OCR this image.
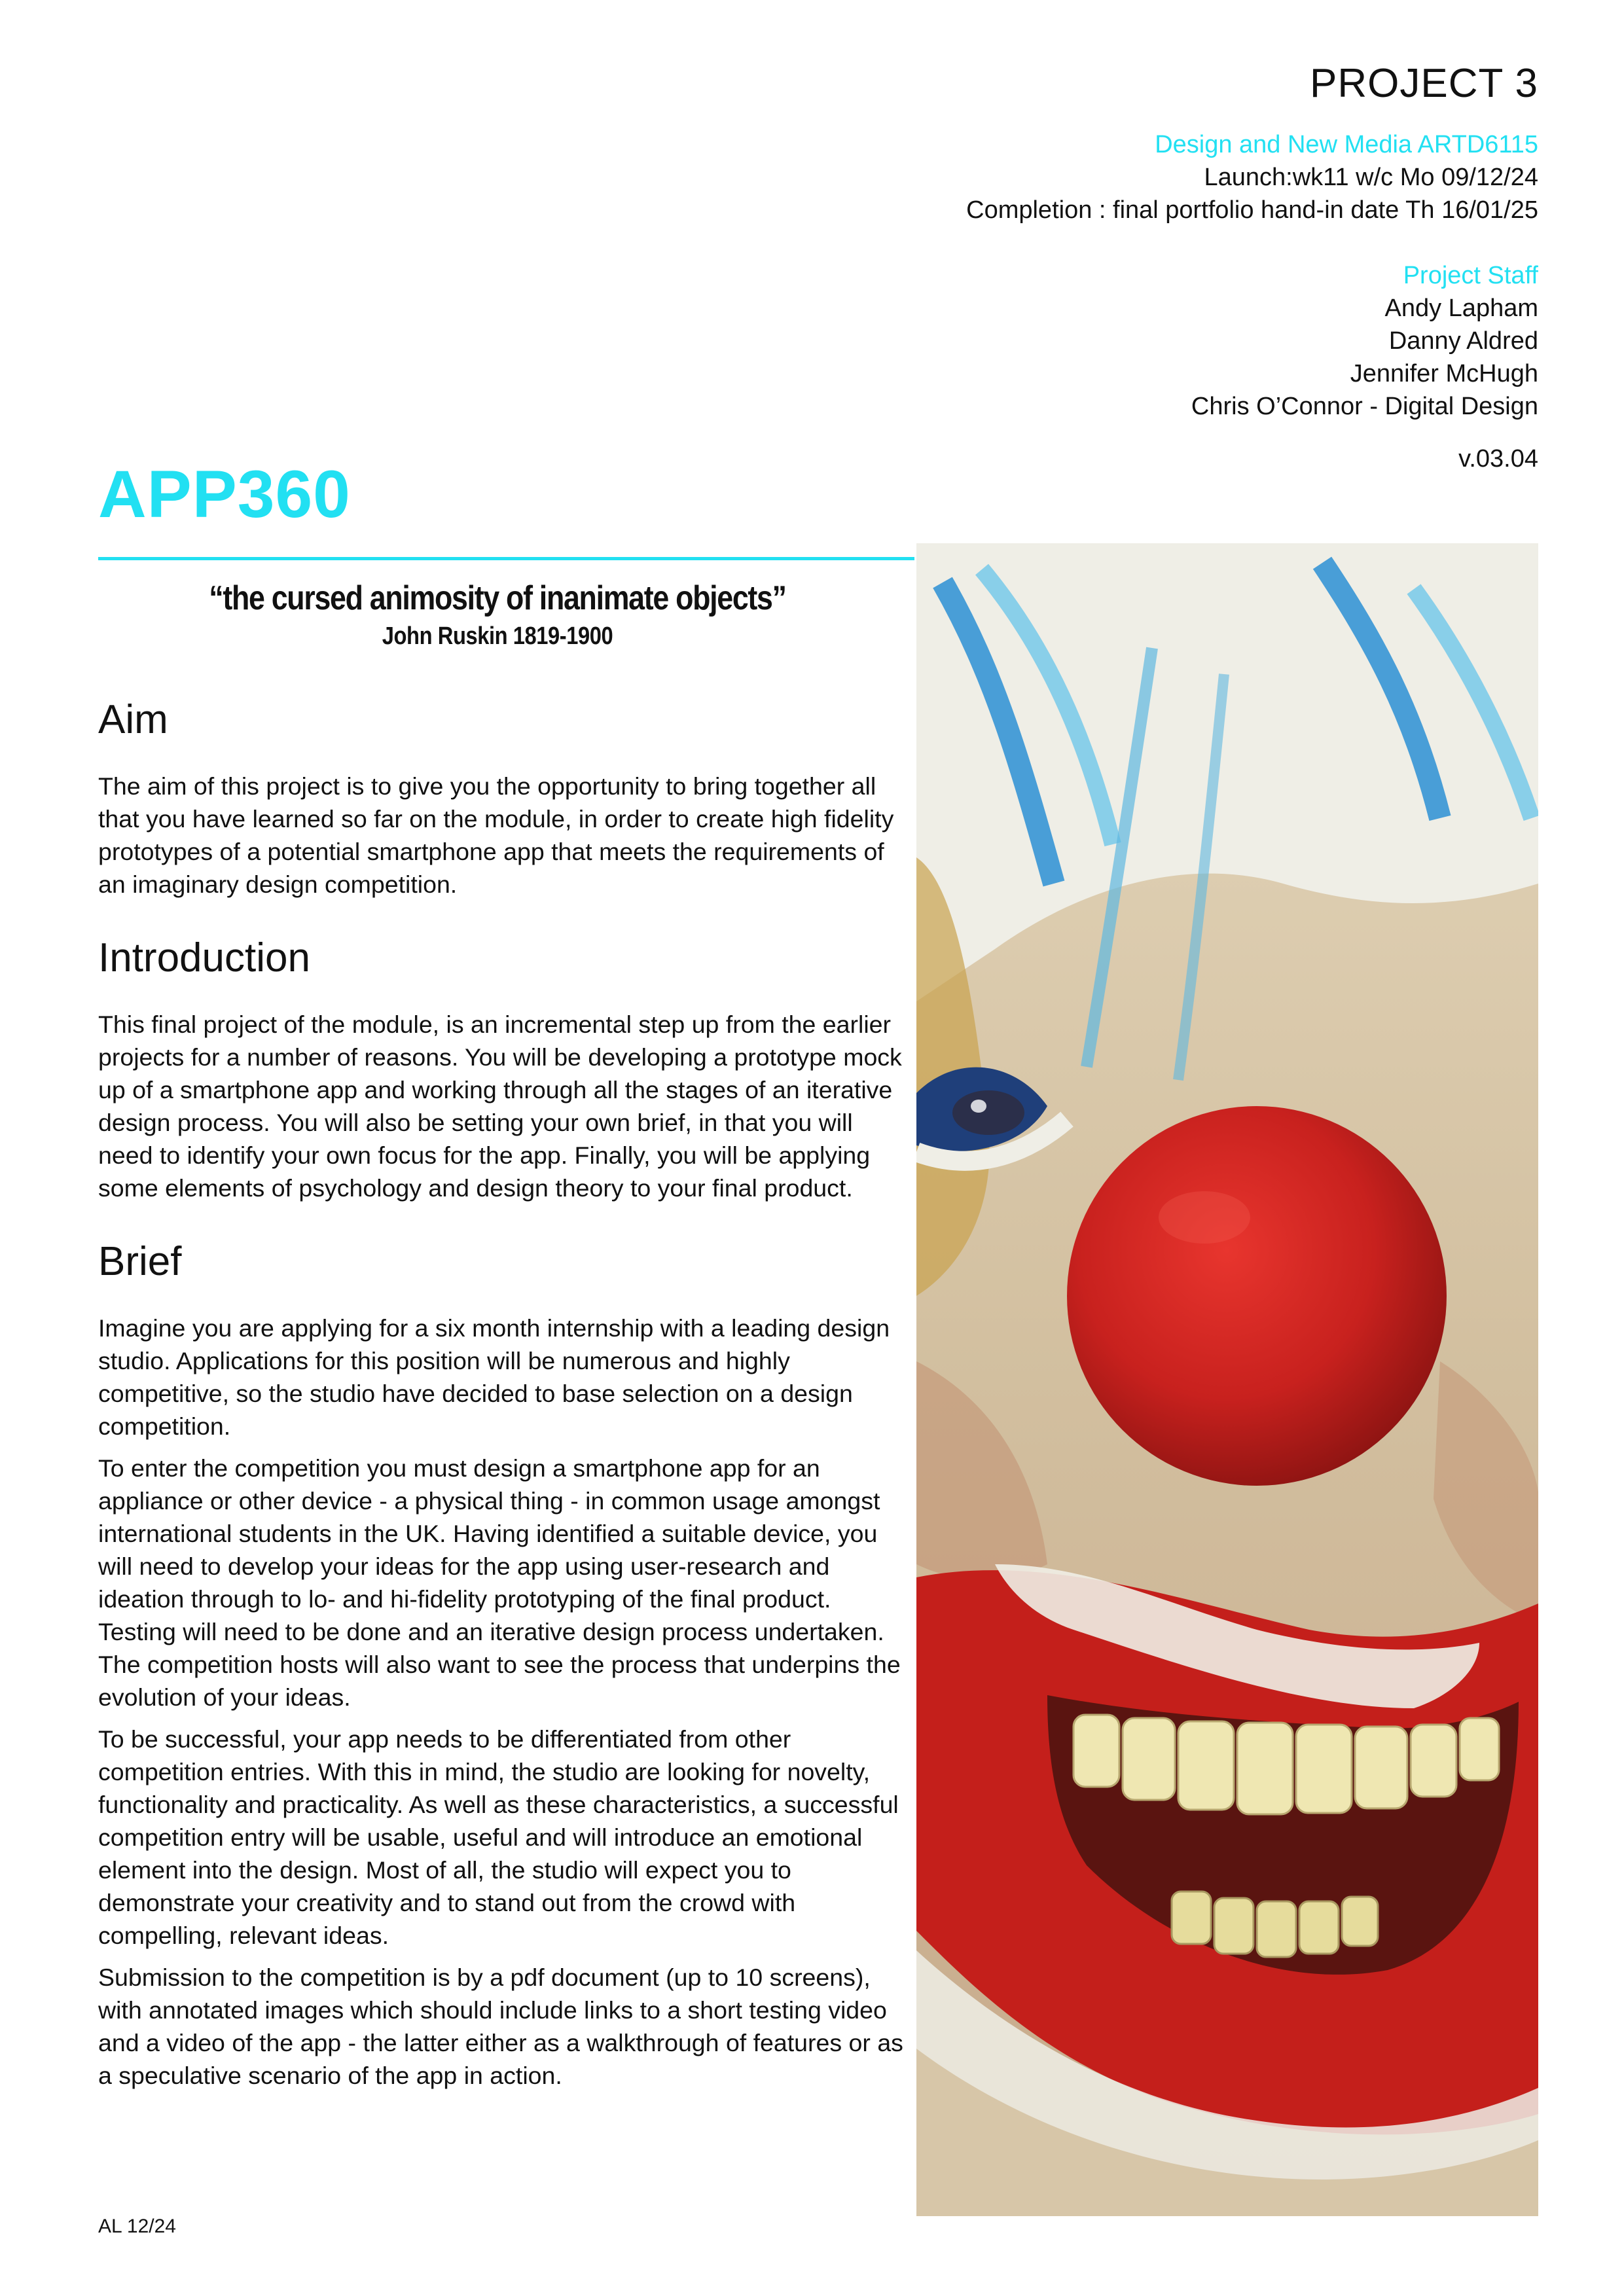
PROJECT 3
Design and New Media ARTD6115
Launch:wk11 w/c Mo 09/12/24
Completion : final portfolio hand-in date Th 16/01/25
Project Staff
Andy Lapham
Danny Aldred
Jennifer McHugh
Chris O’Connor - Digital Design
v.03.04
APP360
“the cursed animosity of inanimate objects”
John Ruskin 1819-1900
Aim

The aim of this project is to give you the opportunity to bring together all that you have learned so far on the module, in order to create high fidelity prototypes of a potential smartphone app that meets the requirements of an imaginary design competition.

Introduction

This final project of the module, is an incremental step up from the earlier projects for a number of reasons. You will be developing a prototype mock up of a smartphone app and working through all the stages of an iterative design process. You will also be setting your own brief, in that you will need to identify your own focus for the app. Finally, you will be applying some elements of psychology and design theory to your final product.

Brief

Imagine you are applying for a six month internship with a leading design studio. Applications for this position will be numerous and highly competitive, so the studio have decided to base selection on a design competition.

To enter the competition you must design a smartphone app for an appliance or other device - a physical thing - in common usage amongst international students in the UK. Having identified a suitable device, you will need to develop your ideas for the app using user-research and ideation through to lo- and hi-fidelity prototyping of the final product. Testing will need to be done and an iterative design process undertaken. The competition hosts will also want to see the process that underpins the evolution of your ideas.

To be successful, your app needs to be differentiated from other competition entries. With this in mind, the studio are looking for novelty, functionality and practicality. As well as these characteristics, a successful competition entry will be usable, useful and will introduce an emotional element into the design. Most of all, the studio will expect you to demonstrate your creativity and to stand out from the crowd with compelling, relevant ideas.

Submission to the competition is by a pdf document (up to 10 screens), with annotated images which should include links to a short testing video and a video of the app - the latter either as a walkthrough of features or as a speculative scenario of the app in action.

AL 12/24
